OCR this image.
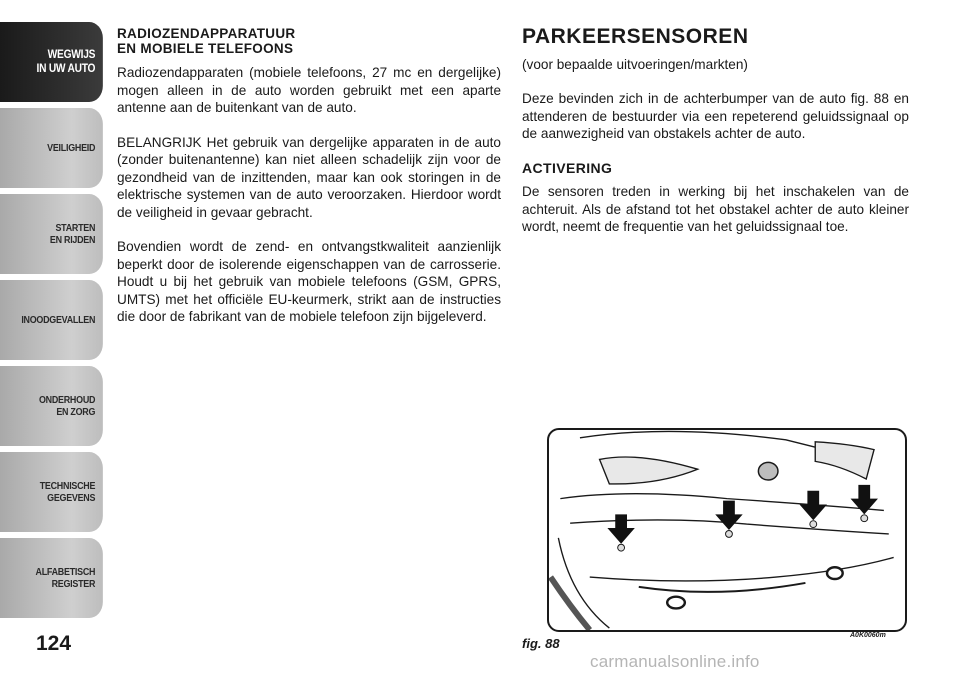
WEGWIJS
IN UW AUTO
VEILIGHEID
STARTEN
EN RIJDEN
INOODGEVALLEN
ONDERHOUD
EN ZORG
TECHNISCHE
GEGEVENS
ALFABETISCH
REGISTER
124
RADIOZENDAPPARATUUR
EN MOBIELE TELEFOONS

Radiozendapparaten (mobiele telefoons, 27 mc en dergelijke) mogen alleen in de auto worden gebruikt met een aparte antenne aan de buitenkant van de auto.

BELANGRIJK Het gebruik van dergelijke apparaten in de auto (zonder buitenantenne) kan niet alleen schadelijk zijn voor de gezondheid van de inzittenden, maar kan ook storingen in de elektrische systemen van de auto veroorzaken. Hierdoor wordt de veiligheid in gevaar gebracht.

Bovendien wordt de zend- en ontvangstkwaliteit aanzienlijk beperkt door de isolerende eigenschappen van de carrosserie. Houdt u bij het gebruik van mobiele telefoons (GSM, GPRS, UMTS) met het officiële EU-keurmerk, strikt aan de instructies die door de fabrikant van de mobiele telefoon zijn bijgeleverd.

PARKEERSENSOREN

(voor bepaalde uitvoeringen/markten)

Deze bevinden zich in de achterbumper van de auto fig. 88 en attenderen de bestuurder via een repeterend geluidssignaal op de aanwezigheid van obstakels achter de auto.

ACTIVERING

De sensoren treden in werking bij het inschakelen van de achteruit. Als de afstand tot het obstakel achter de auto kleiner wordt, neemt de frequentie van het geluidssignaal toe.

fig. 88
A0K0060m
carmanualsonline.info
